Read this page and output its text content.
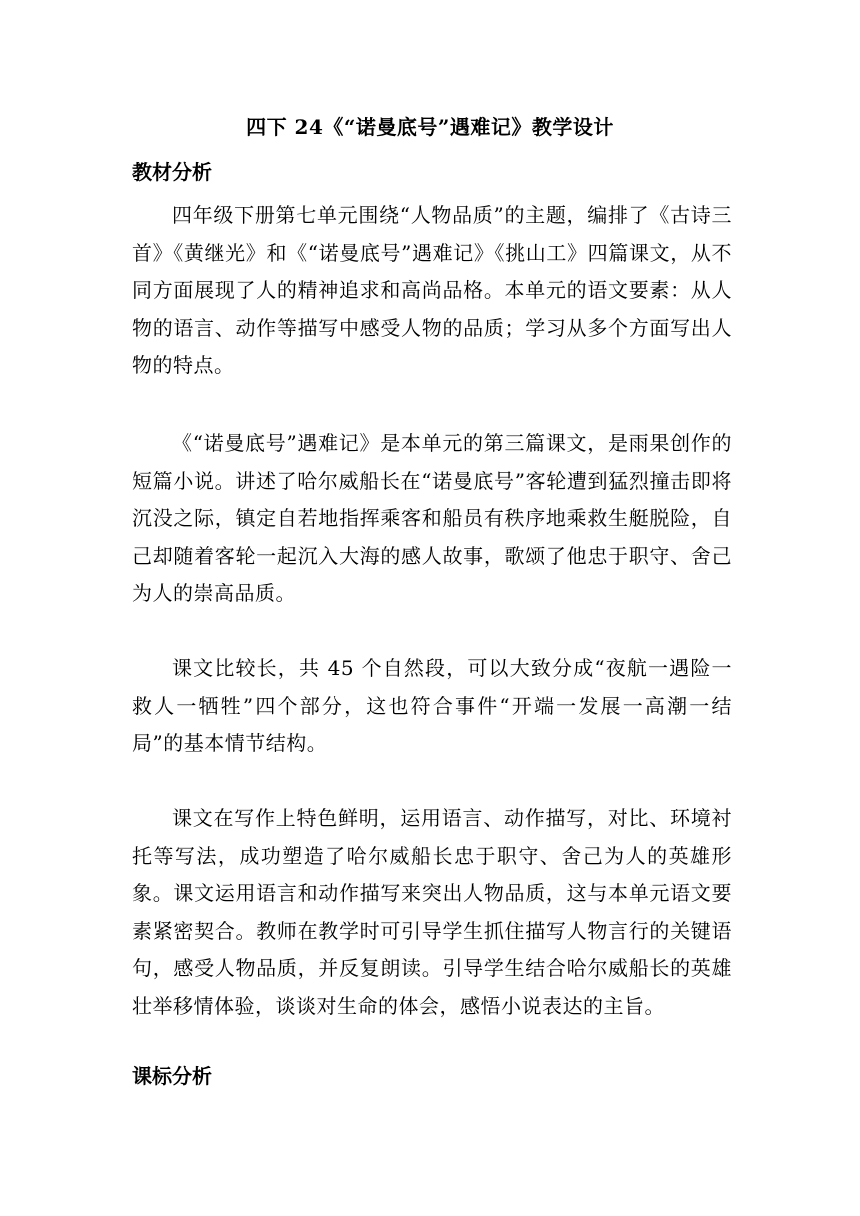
四下 24《“诺曼底号”遇难记》教学设计
教材分析
四年级下册第七单元围绕“人物品质”的主题，编排了《古诗三首》《黄继光》和《“诺曼底号”遇难记》《挑山工》四篇课文，从不同方面展现了人的精神追求和高尚品格。本单元的语文要素：从人物的语言、动作等描写中感受人物的品质；学习从多个方面写出人物的特点。
《“诺曼底号”遇难记》是本单元的第三篇课文，是雨果创作的短篇小说。讲述了哈尔威船长在“诺曼底号”客轮遭到猛烈撞击即将沉没之际，镇定自若地指挥乘客和船员有秩序地乘救生艇脱险，自己却随着客轮一起沉入大海的感人故事，歌颂了他忠于职守、舍己为人的崇高品质。
课文比较长，共 45 个自然段，可以大致分成“夜航一遇险一救人一牺牲”四个部分，这也符合事件“开端一发展一高潮一结局”的基本情节结构。
课文在写作上特色鲜明，运用语言、动作描写，对比、环境衬托等写法，成功塑造了哈尔威船长忠于职守、舍己为人的英雄形象。课文运用语言和动作描写来突出人物品质，这与本单元语文要素紧密契合。教师在教学时可引导学生抓住描写人物言行的关键语句，感受人物品质，并反复朗读。引导学生结合哈尔威船长的英雄壮举移情体验，谈谈对生命的体会，感悟小说表达的主旨。
课标分析
